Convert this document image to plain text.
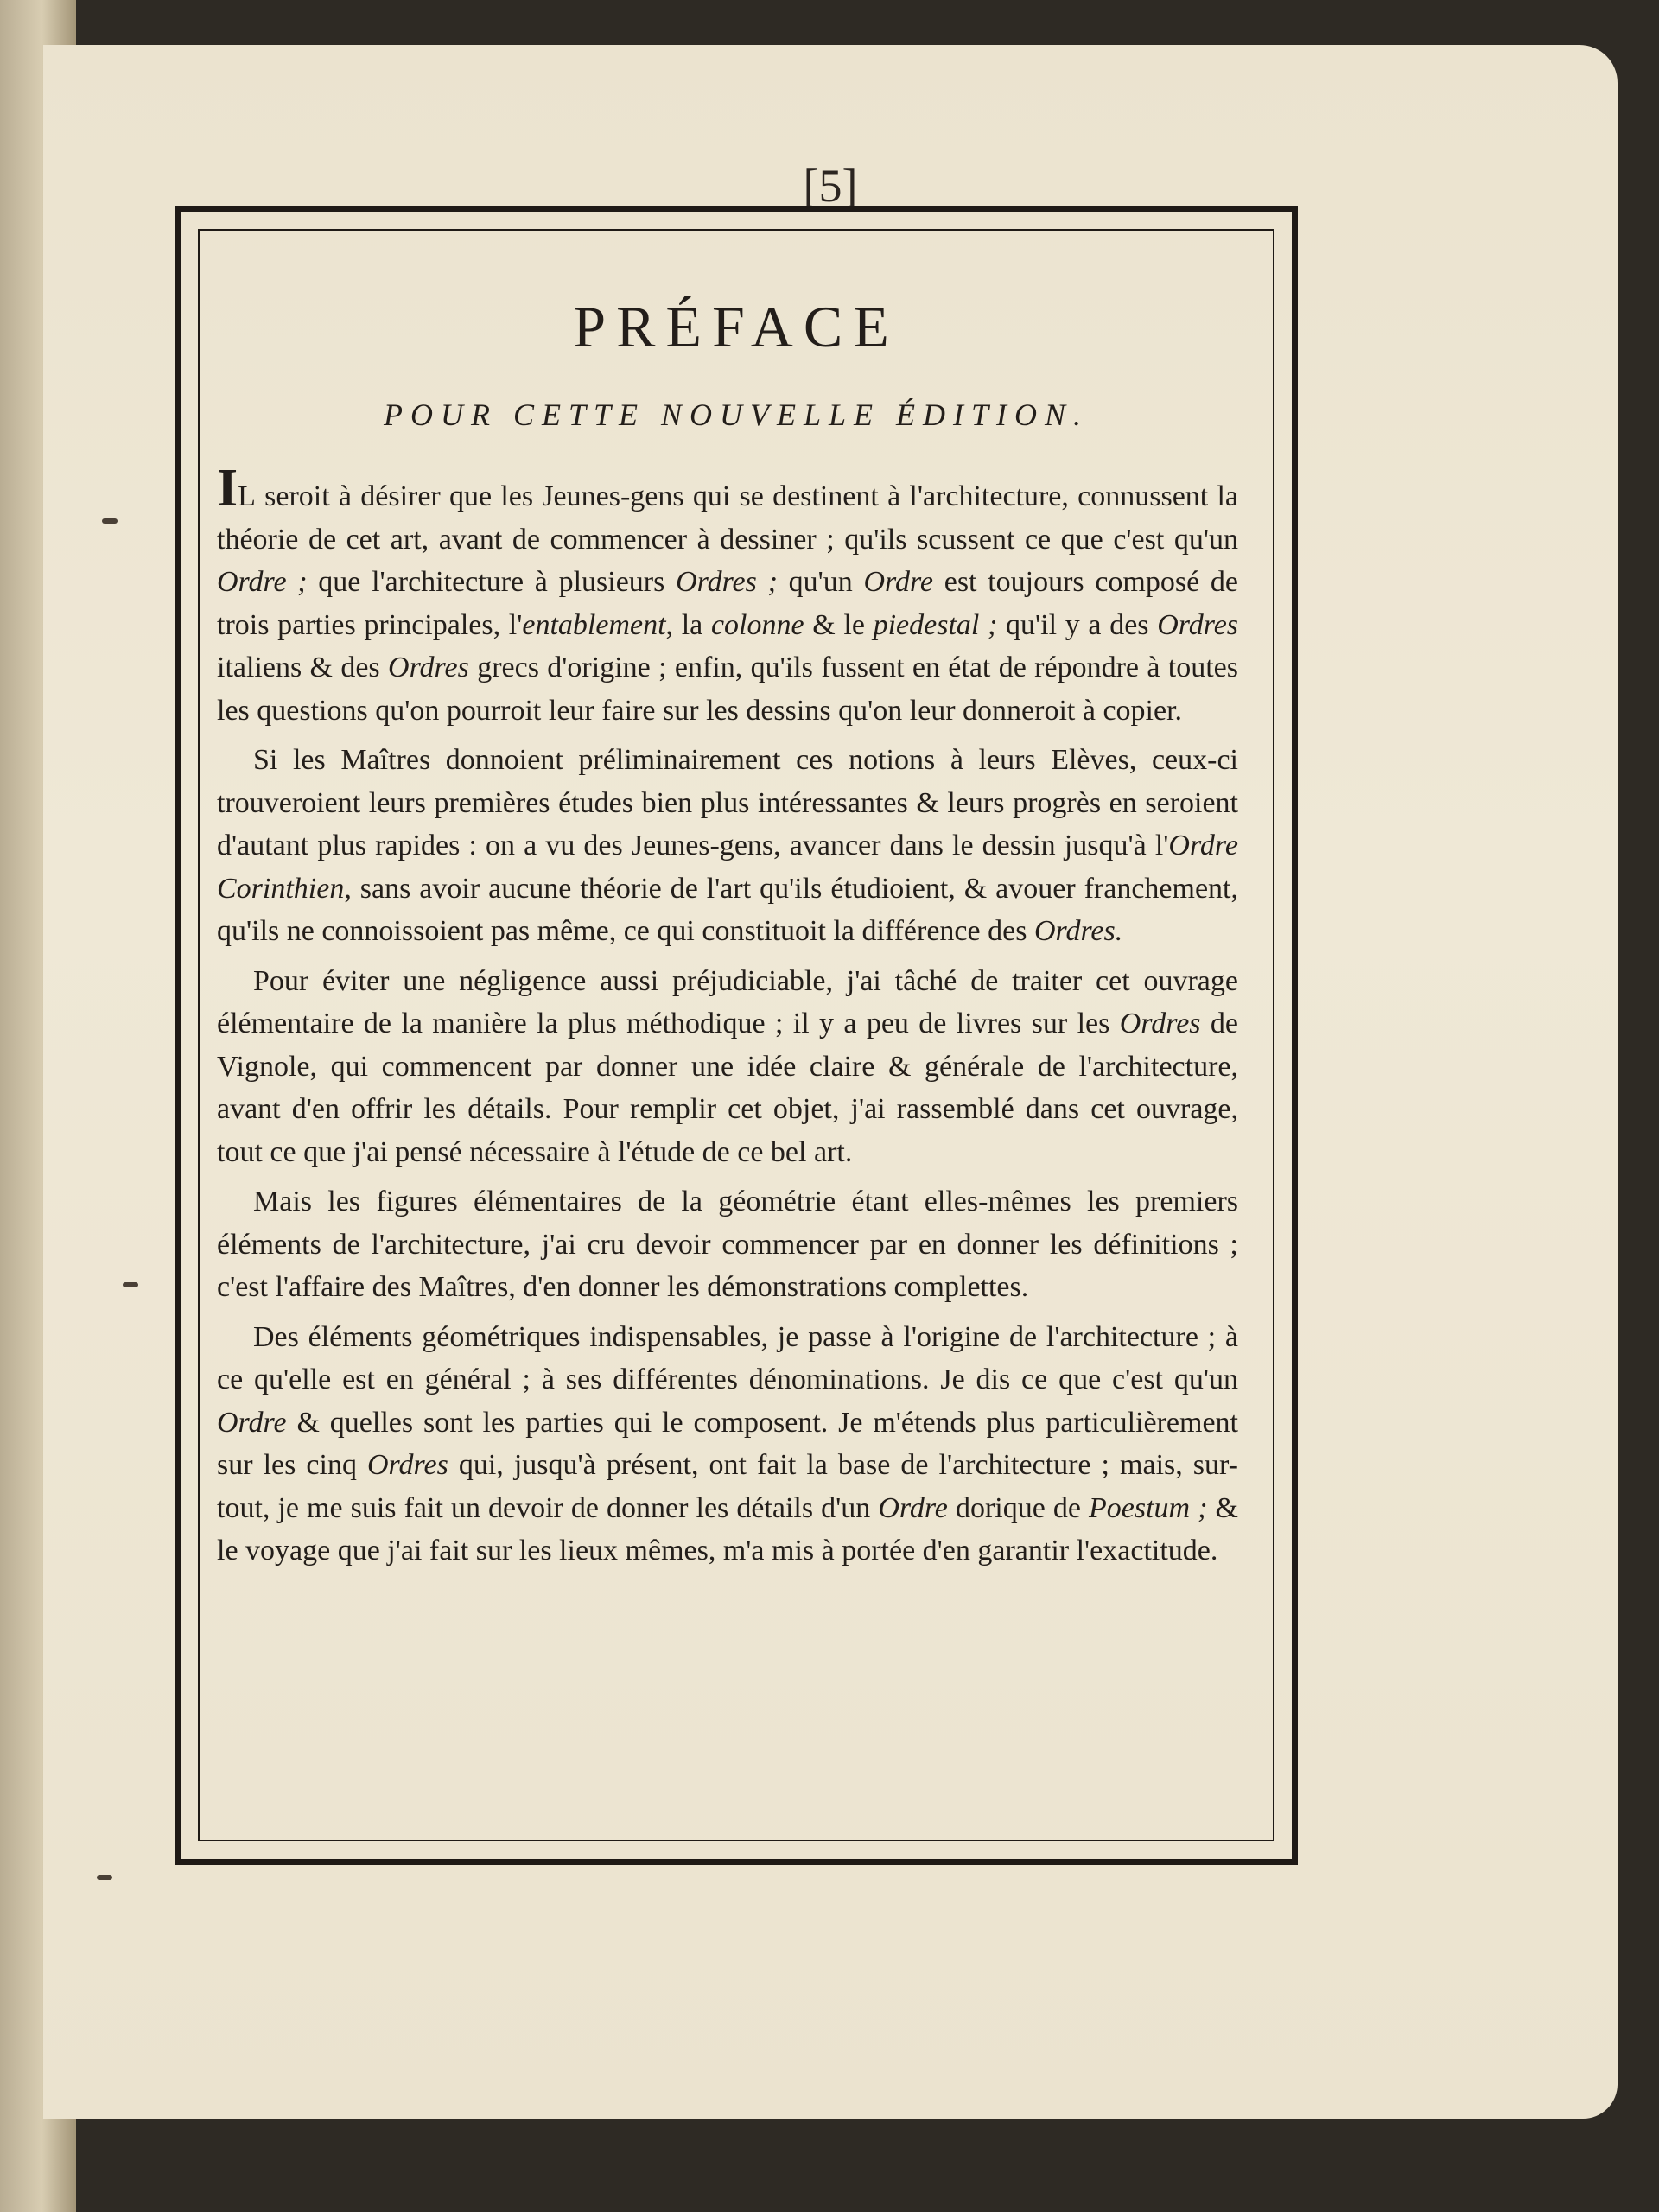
[5]
PRÉFACE
POUR CETTE NOUVELLE ÉDITION.

IL seroit à désirer que les Jeunes-gens qui se destinent à l'architecture, connussent la théorie de cet art, avant de commencer à dessiner ; qu'ils scussent ce que c'est qu'un Ordre ; que l'architecture à plusieurs Ordres ; qu'un Ordre est toujours composé de trois parties principales, l'entablement, la colonne & le piedestal ; qu'il y a des Ordres italiens & des Ordres grecs d'origine ; enfin, qu'ils fussent en état de répondre à toutes les questions qu'on pourroit leur faire sur les dessins qu'on leur donneroit à copier.

Si les Maîtres donnoient préliminairement ces notions à leurs Elèves, ceux-ci trouveroient leurs premières études bien plus intéressantes & leurs progrès en seroient d'autant plus rapides : on a vu des Jeunes-gens, avancer dans le dessin jusqu'à l'Ordre Corinthien, sans avoir aucune théorie de l'art qu'ils étudioient, & avouer franchement, qu'ils ne connoissoient pas même, ce qui constituoit la différence des Ordres.

Pour éviter une négligence aussi préjudiciable, j'ai tâché de traiter cet ouvrage élémentaire de la manière la plus méthodique ; il y a peu de livres sur les Ordres de Vignole, qui commencent par donner une idée claire & générale de l'architecture, avant d'en offrir les détails. Pour remplir cet objet, j'ai rassemblé dans cet ouvrage, tout ce que j'ai pensé nécessaire à l'étude de ce bel art.

Mais les figures élémentaires de la géométrie étant elles-mêmes les premiers éléments de l'architecture, j'ai cru devoir commencer par en donner les définitions ; c'est l'affaire des Maîtres, d'en donner les démonstrations complettes.

Des éléments géométriques indispensables, je passe à l'origine de l'architecture ; à ce qu'elle est en général ; à ses différentes dénominations. Je dis ce que c'est qu'un Ordre & quelles sont les parties qui le composent. Je m'étends plus particulièrement sur les cinq Ordres qui, jusqu'à présent, ont fait la base de l'architecture ; mais, sur-tout, je me suis fait un devoir de donner les détails d'un Ordre dorique de Poestum ; & le voyage que j'ai fait sur les lieux mêmes, m'a mis à portée d'en garantir l'exactitude.
